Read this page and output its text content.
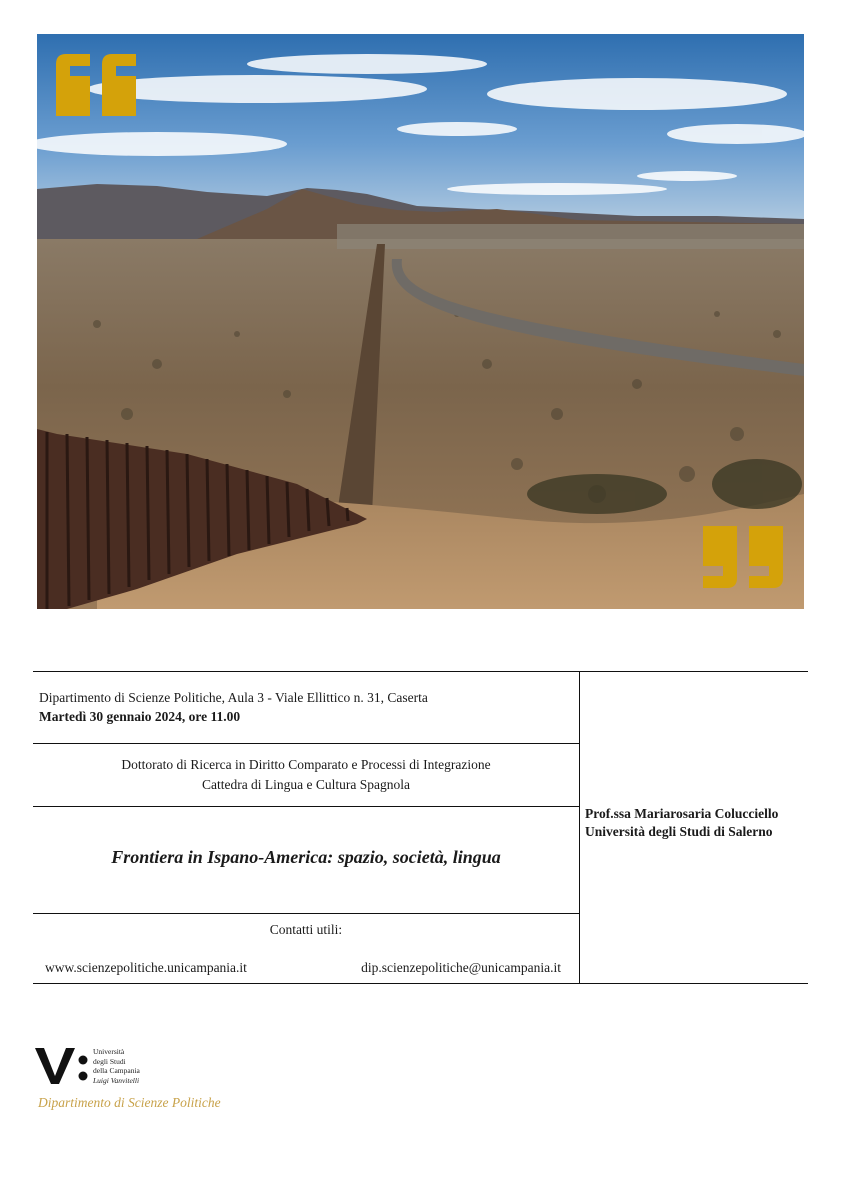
Dipartimento di Scienze Politiche, Aula 3 - Viale Ellittico n. 31, Caserta
Martedì 30 gennaio 2024, ore 11.00
Dottorato di Ricerca in Diritto Comparato e Processi di Integrazione
Cattedra di Lingua e Cultura Spagnola
Frontiera in Ispano-America: spazio, società, lingua
Contatti utili:
www.scienzepolitiche.unicampania.it	dip.scienzepolitiche@unicampania.it
Prof.ssa Mariarosaria Colucciello
Università degli Studi di Salerno
Università
degli Studi
della Campania
Luigi Vanvitelli
Dipartimento di Scienze Politiche
